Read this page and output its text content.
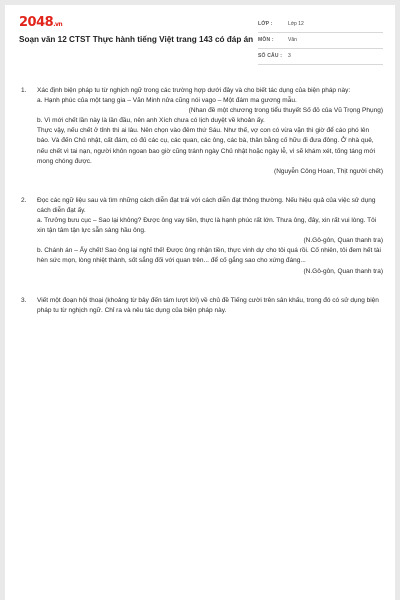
2048.vn
Soạn văn 12 CTST Thực hành tiếng Việt trang 143 có đáp án
LỚP :	Lớp 12
MÔN :	Văn
SỐ CÂU : 3
1. Xác định biện pháp tu từ nghịch ngữ trong các trường hợp dưới đây và cho biết tác dụng của biện pháp này:

a. Hạnh phúc của một tang gia – Văn Minh nửa cũng nói vago – Một đám ma gương mẫu.

(Nhan đề một chương trong tiểu thuyết Số đỏ của Vũ Trọng Phụng)

b. Vì mới chết lần này là lần đầu, nên anh Xích chưa có lịch duyệt về khoản ấy.

Thực vậy, nếu chết ở tỉnh thì ai lâu. Nên chọn vào đêm thứ Sáu. Như thế, vợ con có vừa vặn thì giờ để cáo phó lên báo. Và đến Chủ nhật, cất đám, có đủ các cụ, các quan, các ông, các bà, thân bằng cố hữu đi đưa đông. Ở nhà quê, nếu chết vì tai nạn, người khôn ngoan bao giờ cũng tránh ngày Chủ nhật hoặc ngày lễ, vì sẽ khám xét, tống táng mới mong chóng được.

(Nguyễn Công Hoan, Thịt người chết)

2. Đọc các ngữ liệu sau và tìm những cách diễn đạt trái với cách diễn đạt thông thường. Nếu hiệu quả của việc sử dụng cách diễn đạt ấy.

a. Trưởng bưu cục – Sao lại không? Được ông vay tiền, thực là hạnh phúc rất lớn. Thưa ông, đây, xin rất vui lòng. Tôi xin tận tâm tận lực sẵn sàng hầu ông.

(N.Gô-gôn, Quan thanh tra)

b. Chánh án – Ấy chết! Sao ông lại nghĩ thế! Được ông nhận tiền, thực vinh dự cho tôi quá rồi. Cố nhiên, tôi đem hết tài hèn sức mọn, lòng nhiệt thành, sốt sắng đối với quan trên... để cố gắng sao cho xứng đáng...

(N.Gô-gôn, Quan thanh tra)

3. Viết một đoạn hội thoại (khoảng từ bảy đến tám lượt lời) về chủ đề Tiếng cười trên sân khấu, trong đó có sử dụng biện pháp tu từ nghịch ngữ. Chỉ ra và nêu tác dụng của biện pháp này.
